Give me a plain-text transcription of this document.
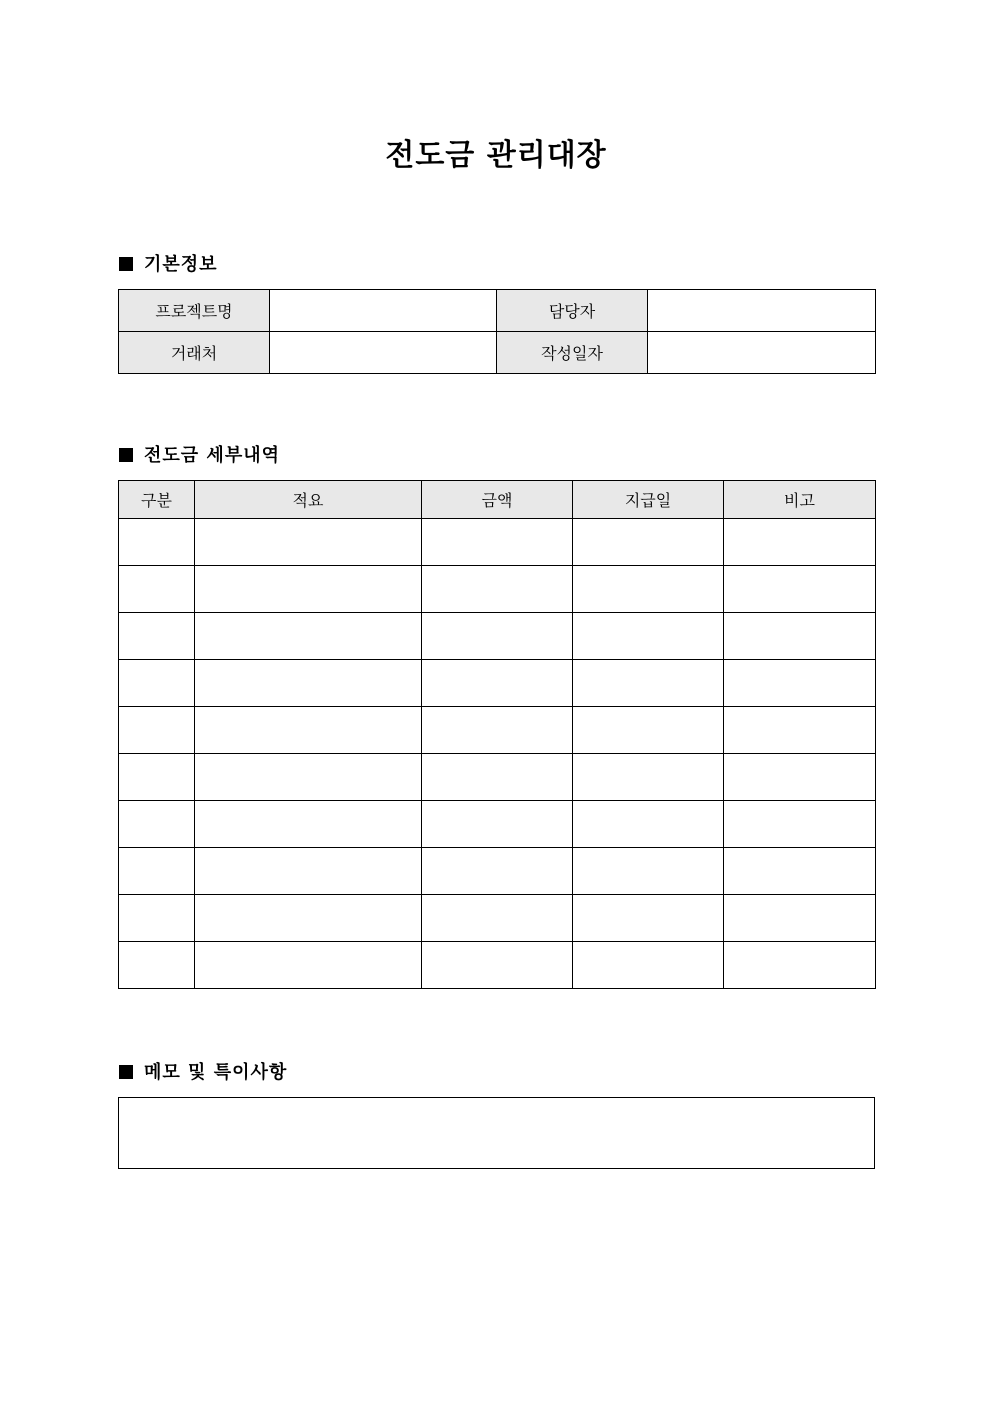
전도금 관리대장
기본정보
프로젝트명		담당자	
거래처		작성일자	
전도금 세부내역
구분	적요	금액	지급일	비고

메모 및 특이사항
